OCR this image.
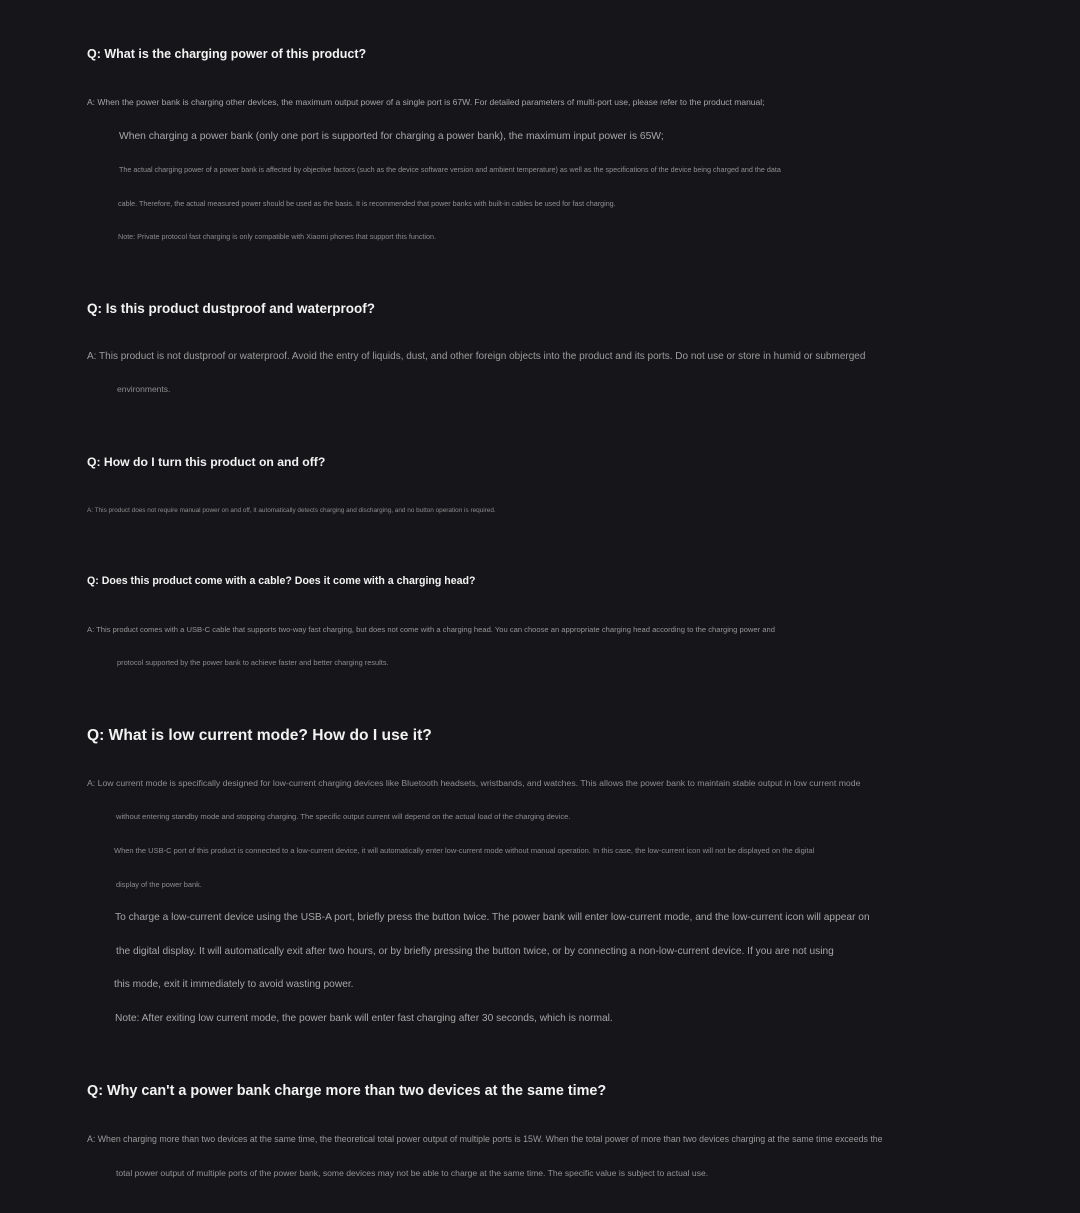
Q: What is the charging power of this product?

A: When the power bank is charging other devices, the maximum output power of a single port is 67W. For detailed parameters of multi-port use, please refer to the product manual;

When charging a power bank (only one port is supported for charging a power bank), the maximum input power is 65W;

The actual charging power of a power bank is affected by objective factors (such as the device software version and ambient temperature) as well as the specifications of the device being charged and the data

cable. Therefore, the actual measured power should be used as the basis. It is recommended that power banks with built-in cables be used for fast charging.

Note: Private protocol fast charging is only compatible with Xiaomi phones that support this function.

Q: Is this product dustproof and waterproof?

A: This product is not dustproof or waterproof. Avoid the entry of liquids, dust, and other foreign objects into the product and its ports. Do not use or store in humid or submerged

environments.

Q: How do I turn this product on and off?

A: This product does not require manual power on and off, it automatically detects charging and discharging, and no button operation is required.

Q: Does this product come with a cable? Does it come with a charging head?

A: This product comes with a USB-C cable that supports two-way fast charging, but does not come with a charging head. You can choose an appropriate charging head according to the charging power and

protocol supported by the power bank to achieve faster and better charging results.

Q: What is low current mode? How do I use it?

A: Low current mode is specifically designed for low-current charging devices like Bluetooth headsets, wristbands, and watches. This allows the power bank to maintain stable output in low current mode

without entering standby mode and stopping charging. The specific output current will depend on the actual load of the charging device.

When the USB-C port of this product is connected to a low-current device, it will automatically enter low-current mode without manual operation. In this case, the low-current icon will not be displayed on the digital

display of the power bank.

To charge a low-current device using the USB-A port, briefly press the button twice. The power bank will enter low-current mode, and the low-current icon will appear on

the digital display. It will automatically exit after two hours, or by briefly pressing the button twice, or by connecting a non-low-current device. If you are not using

this mode, exit it immediately to avoid wasting power.

Note: After exiting low current mode, the power bank will enter fast charging after 30 seconds, which is normal.

Q: Why can't a power bank charge more than two devices at the same time?

A: When charging more than two devices at the same time, the theoretical total power output of multiple ports is 15W. When the total power of more than two devices charging at the same time exceeds the

total power output of multiple ports of the power bank, some devices may not be able to charge at the same time. The specific value is subject to actual use.
